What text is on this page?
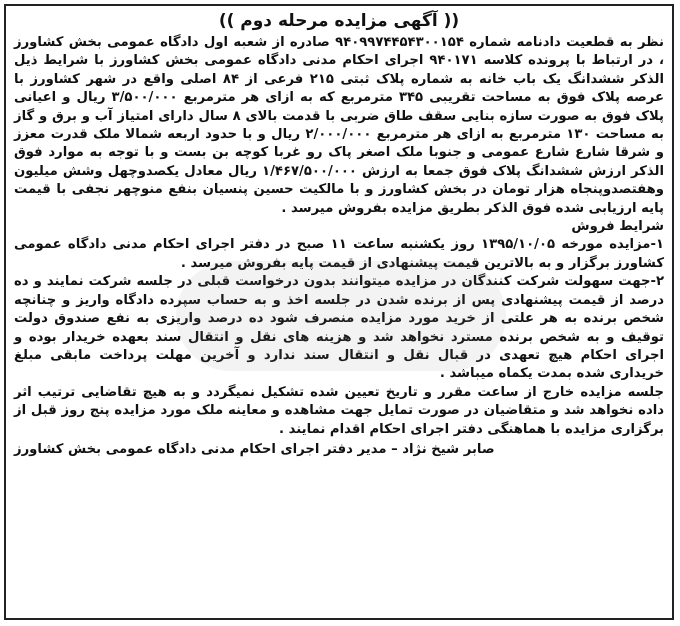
(( آگهی مزایده مرحله دوم ))

نظر به قطعیت دادنامه شماره ۹۴۰۹۹۷۴۴۵۴۳۰۰۱۵۴ صادره از شعبه اول دادگاه عمومی بخش کشاورز ، در ارتباط با پرونده کلاسه ۹۴۰۱۷۱ اجرای احکام مدنی دادگاه عمومی بخش کشاورز با شرایط ذیل الذکر ششدانگ یک باب خانه به شماره پلاک ثبتی ۲۱۵ فرعی از ۸۴ اصلی واقع در شهر کشاورز با عرصه پلاک فوق به مساحت تقریبی ۳۴۵ مترمربع که به ازای هر مترمربع ۳/۵۰۰/۰۰۰ ریال و اعیانی پلاک فوق به صورت سازه بنایی سقف طاق ضربی با قدمت بالای ۸ سال دارای امتیاز آب و برق و گاز به مساحت ۱۳۰ مترمربع به ازای هر مترمربع ۲/۰۰۰/۰۰۰ ریال و با حدود اربعه شمالا ملک قدرت معزز و شرقا شارع شارع عمومی و جنوبا ملک اصغر پاک رو غربا کوچه بن بست و با توجه به موارد فوق الذکر ارزش ششدانگ پلاک فوق جمعا به ارزش ۱/۴۶۷/۵۰۰/۰۰۰ ریال معادل یکصدوچهل وشش میلیون وهفتصدوپنجاه هزار تومان در بخش کشاورز و با مالکیت حسین پنسیان بنفع منوچهر نجفی با قیمت پایه ارزیابی شده فوق الذکر بطریق مزایده بفروش میرسد .

شرایط فروش

۱-مزایده مورخه ۱۳۹۵/۱۰/۰۵ روز یکشنبه ساعت ۱۱ صبح در دفتر اجرای احکام مدنی دادگاه عمومی کشاورز برگزار و به بالاترین قیمت پیشنهادی از قیمت پایه بفروش میرسد .

۲-جهت سهولت شرکت کنندگان در مزایده میتوانند بدون درخواست قبلی در جلسه شرکت نمایند و ده درصد از قیمت پیشنهادی پس از برنده شدن در جلسه اخذ و به حساب سپرده دادگاه واریز و چنانچه شخص برنده به هر علتی از خرید مورد مزایده منصرف شود ده درصد واریزی به نفع صندوق دولت توقیف و به شخص برنده مسترد نخواهد شد و هزینه های نقل و انتقال سند بعهده خریدار بوده و اجرای احکام هیچ تعهدی در قبال نقل و انتقال سند ندارد و آخرین مهلت پرداخت مابقی مبلغ خریداری شده بمدت یکماه میباشد .

جلسه مزایده خارج از ساعت مقرر و تاریخ تعیین شده تشکیل نمیگردد و به هیچ تقاضایی ترتیب اثر داده نخواهد شد و متقاضیان در صورت تمایل جهت مشاهده و معاینه ملک مورد مزایده پنج روز قبل از برگزاری مزایده با هماهنگی دفتر اجرای احکام اقدام نمایند .

صابر شیخ نژاد – مدیر دفتر اجرای احکام مدنی دادگاه عمومی بخش کشاورز
